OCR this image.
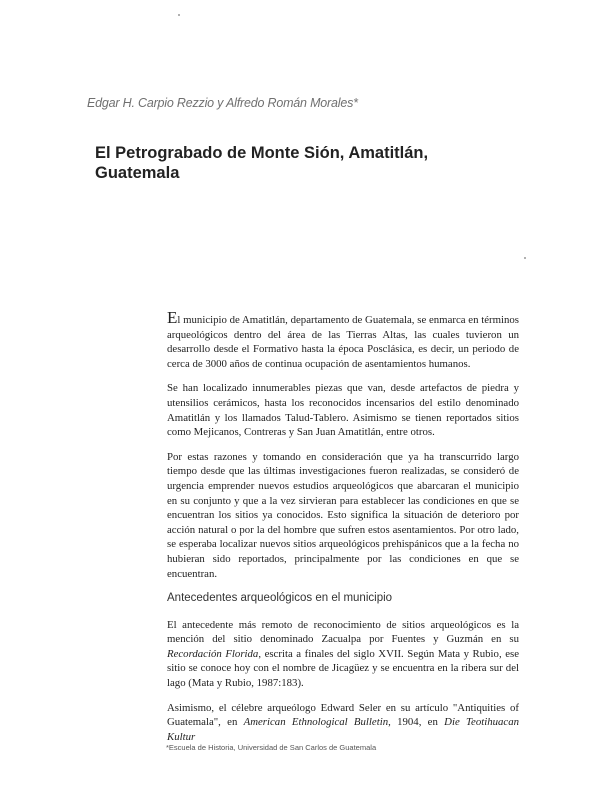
Edgar H. Carpio Rezzio y Alfredo Román Morales*
El Petrograbado de Monte Sión, Amatitlán, Guatemala

El municipio de Amatitlán, departamento de Guatemala, se enmarca en términos arqueológicos dentro del área de las Tierras Altas, las cuales tuvieron un desarrollo desde el Formativo hasta la época Posclásica, es decir, un periodo de cerca de 3000 años de continua ocupación de asentamientos humanos.

Se han localizado innumerables piezas que van, desde artefactos de piedra y utensilios cerámicos, hasta los reconocidos incensarios del estilo denominado Amatitlán y los llamados Talud-Tablero. Asimismo se tienen reportados sitios como Mejicanos, Contreras y San Juan Amatitlán, entre otros.

Por estas razones y tomando en consideración que ya ha transcurrido largo tiempo desde que las últimas investigaciones fueron realizadas, se consideró de urgencia emprender nuevos estudios arqueológicos que abarcaran el municipio en su conjunto y que a la vez sirvieran para establecer las condiciones en que se encuentran los sitios ya conocidos. Esto significa la situación de deterioro por acción natural o por la del hombre que sufren estos asentamientos. Por otro lado, se esperaba localizar nuevos sitios arqueológicos prehispánicos que a la fecha no hubieran sido reportados, principalmente por las condiciones en que se encuentran.

Antecedentes arqueológicos en el municipio

El antecedente más remoto de reconocimiento de sitios arqueológicos es la mención del sitio denominado Zacualpa por Fuentes y Guzmán en su Recordación Florida, escrita a finales del siglo XVII. Según Mata y Rubio, ese sitio se conoce hoy con el nombre de Jicagüez y se encuentra en la ribera sur del lago (Mata y Rubio, 1987:183).

Asimismo, el célebre arqueólogo Edward Seler en su artículo "Antiquities of Guatemala", en American Ethnological Bulletin, 1904, en Die Teotihuacan Kultur

*Escuela de Historia, Universidad de San Carlos de Guatemala
